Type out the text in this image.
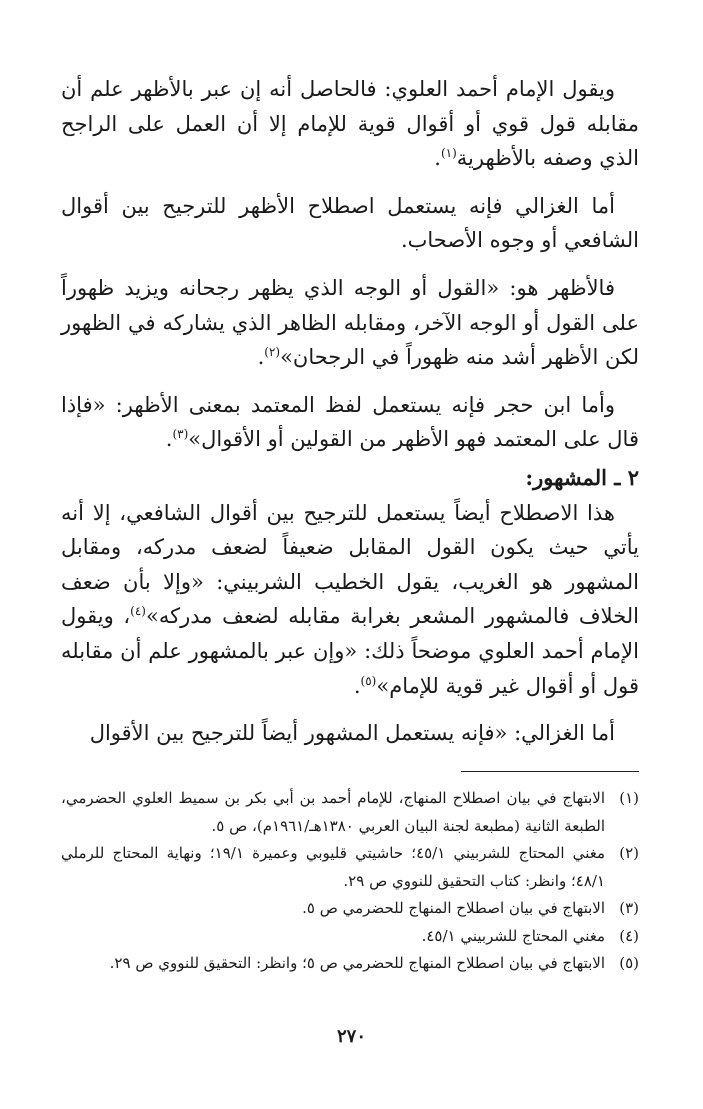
ويقول الإمام أحمد العلوي: فالحاصل أنه إن عبر بالأظهر علم أن مقابله قول قوي أو أقوال قوية للإمام إلا أن العمل على الراجح الذي وصفه بالأظهرية$^{(١)}$.

أما الغزالي فإنه يستعمل اصطلاح الأظهر للترجيح بين أقوال الشافعي أو وجوه الأصحاب.

فالأظهر هو: «القول أو الوجه الذي يظهر رجحانه ويزيد ظهوراً على القول أو الوجه الآخر، ومقابله الظاهر الذي يشاركه في الظهور لكن الأظهر أشد منه ظهوراً في الرجحان»$^{(٢)}$.

وأما ابن حجر فإنه يستعمل لفظ المعتمد بمعنى الأظهر: «فإذا قال على المعتمد فهو الأظهر من القولين أو الأقوال»$^{(٣)}$.

٢ ـ المشهور:

هذا الاصطلاح أيضاً يستعمل للترجيح بين أقوال الشافعي، إلا أنه يأتي حيث يكون القول المقابل ضعيفاً لضعف مدركه، ومقابل المشهور هو الغريب، يقول الخطيب الشربيني: «وإلا بأن ضعف الخلاف فالمشهور المشعر بغرابة مقابله لضعف مدركه»$^{(٤)}$، ويقول الإمام أحمد العلوي موضحاً ذلك: «وإن عبر بالمشهور علم أن مقابله قول أو أقوال غير قوية للإمام»$^{(٥)}$.

أما الغزالي: «فإنه يستعمل المشهور أيضاً للترجيح بين الأقوال

(١)
الابتهاج في بيان اصطلاح المنهاج، للإمام أحمد بن أبي بكر بن سميط العلوي الحضرمي، الطبعة الثانية (مطبعة لجنة البيان العربي ١٣٨٠هـ/١٩٦١م)، ص ٥.
(٢)
مغني المحتاج للشربيني ٤٥/١؛ حاشيتي قليوبي وعميرة ١٩/١؛ ونهاية المحتاج للرملي ٤٨/١؛ وانظر: كتاب التحقيق للنووي ص ٢٩.
(٣)
الابتهاج في بيان اصطلاح المنهاج للحضرمي ص ٥.
(٤)
مغني المحتاج للشربيني ٤٥/١.
(٥)
الابتهاج في بيان اصطلاح المنهاج للحضرمي ص ٥؛ وانظر: التحقيق للنووي ص ٢٩.
٢٧٠
